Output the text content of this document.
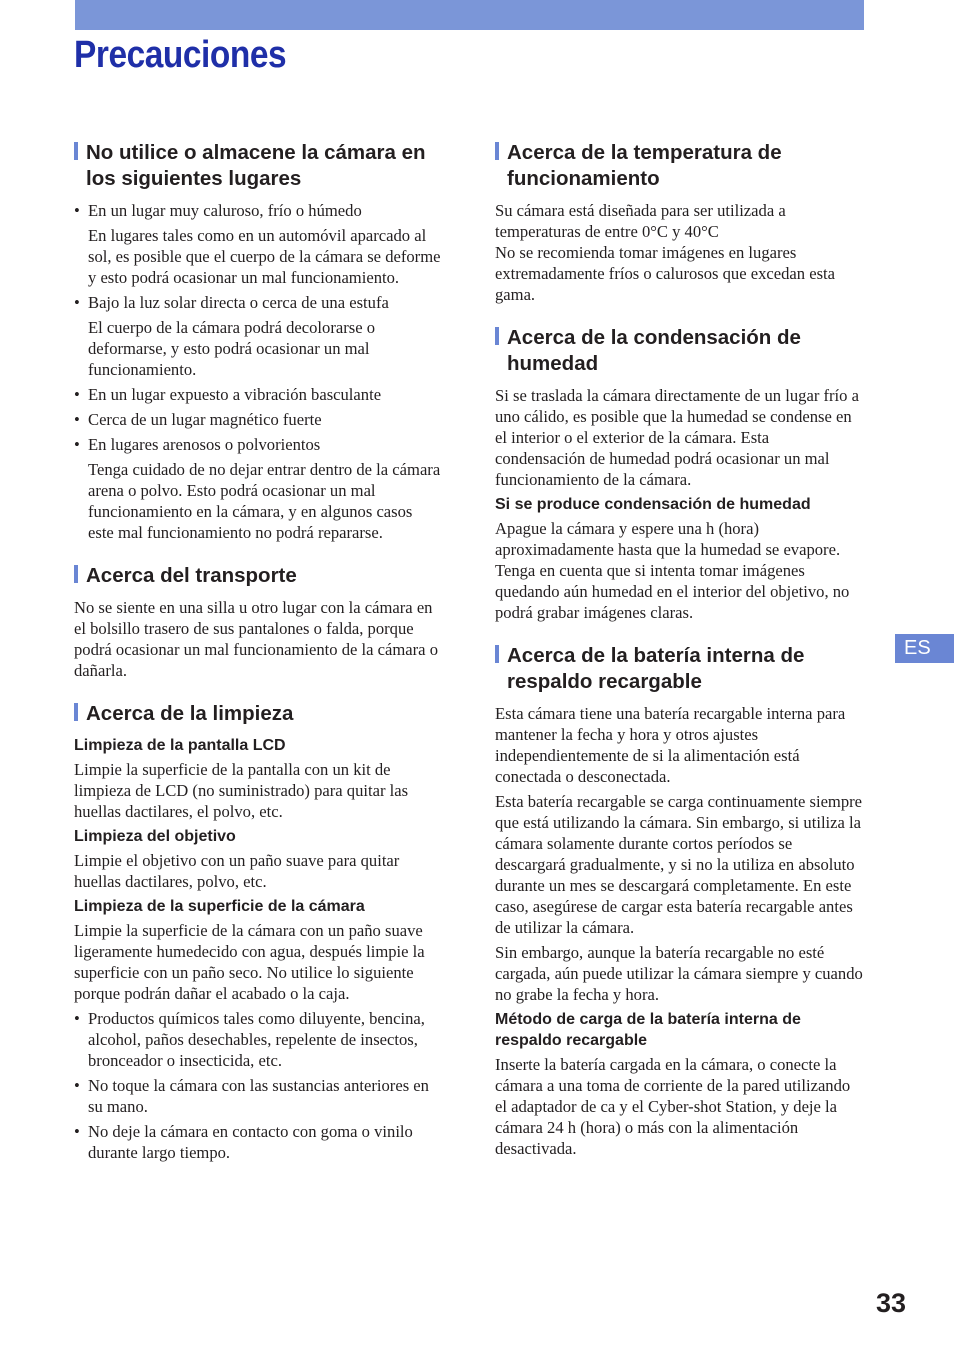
Precauciones
No utilice o almacene la cámara en los siguientes lugares
• En un lugar muy caluroso, frío o húmedo
En lugares tales como en un automóvil aparcado al sol, es posible que el cuerpo de la cámara se deforme y esto podrá ocasionar un mal funcionamiento.
• Bajo la luz solar directa o cerca de una estufa
El cuerpo de la cámara podrá decolorarse o deformarse, y esto podrá ocasionar un mal funcionamiento.
• En un lugar expuesto a vibración basculante
• Cerca de un lugar magnético fuerte
• En lugares arenosos o polvorientos
Tenga cuidado de no dejar entrar dentro de la cámara arena o polvo. Esto podrá ocasionar un mal funcionamiento en la cámara, y en algunos casos este mal funcionamiento no podrá repararse.
Acerca del transporte

No se siente en una silla u otro lugar con la cámara en el bolsillo trasero de sus pantalones o falda, porque podrá ocasionar un mal funcionamiento de la cámara o dañarla.

Acerca de la limpieza
Limpieza de la pantalla LCD

Limpie la superficie de la pantalla con un kit de limpieza de LCD (no suministrado) para quitar las huellas dactilares, el polvo, etc.

Limpieza del objetivo

Limpie el objetivo con un paño suave para quitar huellas dactilares, polvo, etc.

Limpieza de la superficie de la cámara

Limpie la superficie de la cámara con un paño suave ligeramente humedecido con agua, después limpie la superficie con un paño seco. No utilice lo siguiente porque podrán dañar el acabado o la caja.

• Productos químicos tales como diluyente, bencina, alcohol, paños desechables, repelente de insectos, bronceador o insecticida, etc.
• No toque la cámara con las sustancias anteriores en su mano.
• No deje la cámara en contacto con goma o vinilo durante largo tiempo.
Acerca de la temperatura de funcionamiento

Su cámara está diseñada para ser utilizada a temperaturas de entre 0°C y 40°C

No se recomienda tomar imágenes en lugares extremadamente fríos o calurosos que excedan esta gama.

Acerca de la condensación de humedad

Si se traslada la cámara directamente de un lugar frío a uno cálido, es posible que la humedad se condense en el interior o el exterior de la cámara. Esta condensación de humedad podrá ocasionar un mal funcionamiento de la cámara.

Si se produce condensación de humedad

Apague la cámara y espere una h (hora) aproximadamente hasta que la humedad se evapore. Tenga en cuenta que si intenta tomar imágenes quedando aún humedad en el interior del objetivo, no podrá grabar imágenes claras.

Acerca de la batería interna de respaldo recargable

Esta cámara tiene una batería recargable interna para mantener la fecha y hora y otros ajustes independientemente de si la alimentación está conectada o desconectada.

Esta batería recargable se carga continuamente siempre que está utilizando la cámara. Sin embargo, si utiliza la cámara solamente durante cortos períodos se descargará gradualmente, y si no la utiliza en absoluto durante un mes se descargará completamente. En este caso, asegúrese de cargar esta batería recargable antes de utilizar la cámara.

Sin embargo, aunque la batería recargable no esté cargada, aún puede utilizar la cámara siempre y cuando no grabe la fecha y hora.

Método de carga de la batería interna de respaldo recargable

Inserte la batería cargada en la cámara, o conecte la cámara a una toma de corriente de la pared utilizando el adaptador de ca y el Cyber-shot Station, y deje la cámara 24 h (hora) o más con la alimentación desactivada.

ES
33
